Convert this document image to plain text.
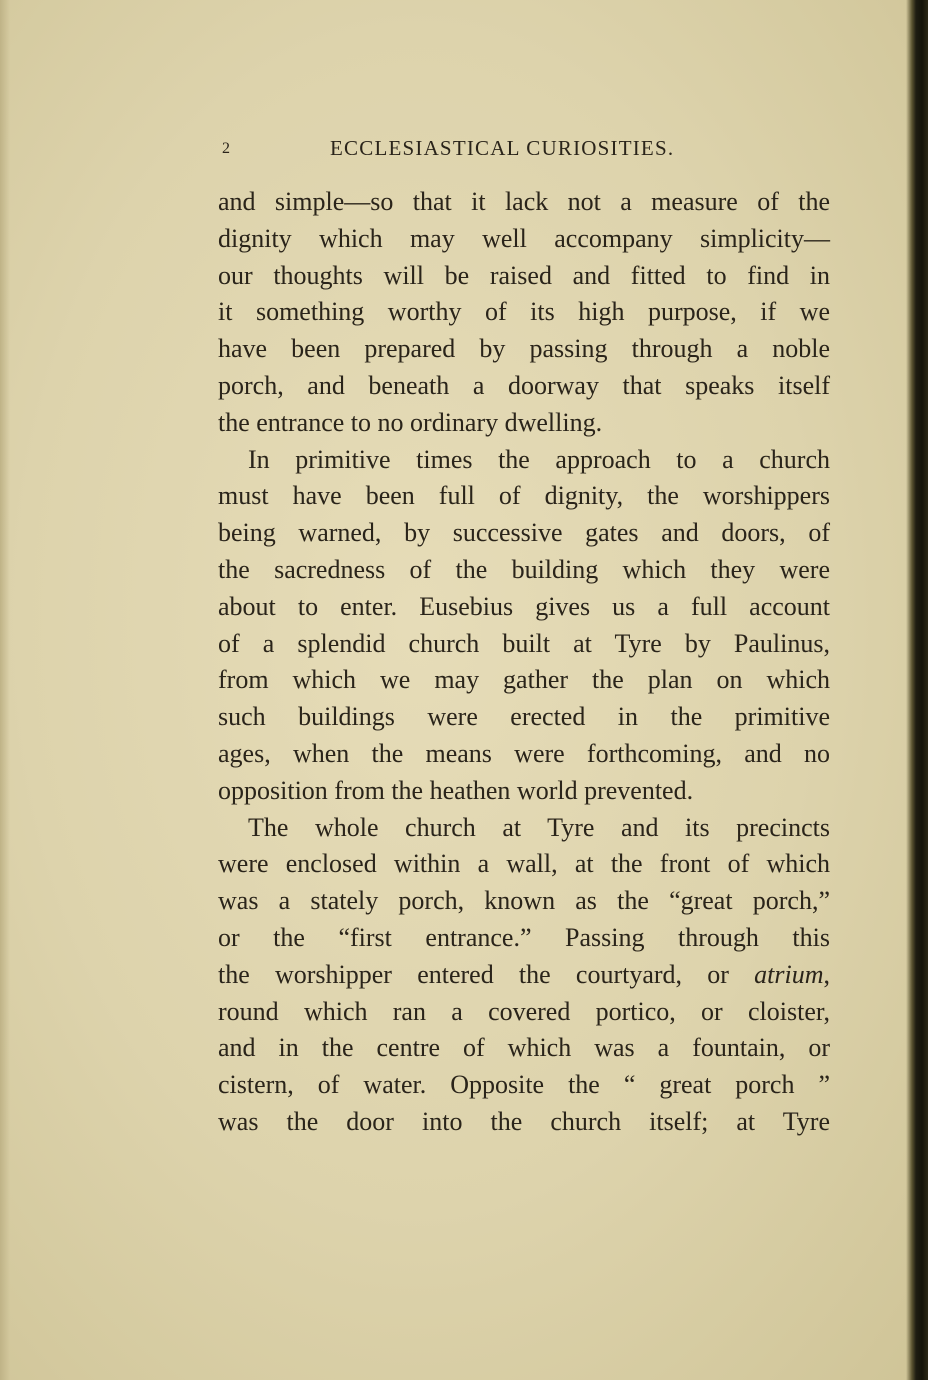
2	ECCLESIASTICAL CURIOSITIES.

and simple—so that it lack not a measure of the

dignity which may well accompany simplicity—

our thoughts will be raised and fitted to find in

it something worthy of its high purpose, if we

have been prepared by passing through a noble

porch, and beneath a doorway that speaks itself

the entrance to no ordinary dwelling.

In primitive times the approach to a church

must have been full of dignity, the worshippers

being warned, by successive gates and doors, of

the sacredness of the building which they were

about to enter. Eusebius gives us a full account

of a splendid church built at Tyre by Paulinus,

from which we may gather the plan on which

such buildings were erected in the primitive

ages, when the means were forthcoming, and no

opposition from the heathen world prevented.

The whole church at Tyre and its precincts

were enclosed within a wall, at the front of which

was a stately porch, known as the “great porch,”

or the “first entrance.” Passing through this

the worshipper entered the courtyard, or atrium,

round which ran a covered portico, or cloister,

and in the centre of which was a fountain, or

cistern, of water. Opposite the “ great porch ”

was the door into the church itself; at Tyre
